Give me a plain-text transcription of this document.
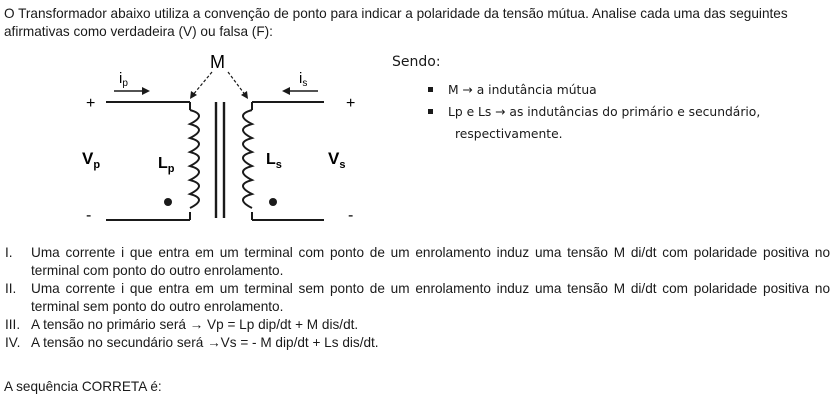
O Transformador abaixo utiliza a convenção de ponto para indicar a polaridade da tensão mútua. Analise cada uma das seguintes afirmativas como verdadeira (V) ou falsa (F):
M
$i_p$	$i_s$
+	+
-	-
$V_p$	$V_s$
$L_p$
$L_s$
Sendo:
M → a indutância mútua
Lp e Ls → as indutâncias do primário e secundário,
respectivamente.
I. Uma corrente i que entra em um terminal com ponto de um enrolamento induz uma tensão M di/dt com polaridade positiva no terminal com ponto do outro enrolamento.
II. Uma corrente i que entra em um terminal sem ponto de um enrolamento induz uma tensão M di/dt com polaridade positiva no terminal sem ponto do outro enrolamento.
III. A tensão no primário será → Vp = Lp dip/dt + M dis/dt.
IV. A tensão no secundário será →Vs = - M dip/dt + Ls dis/dt.
A sequência CORRETA é:
